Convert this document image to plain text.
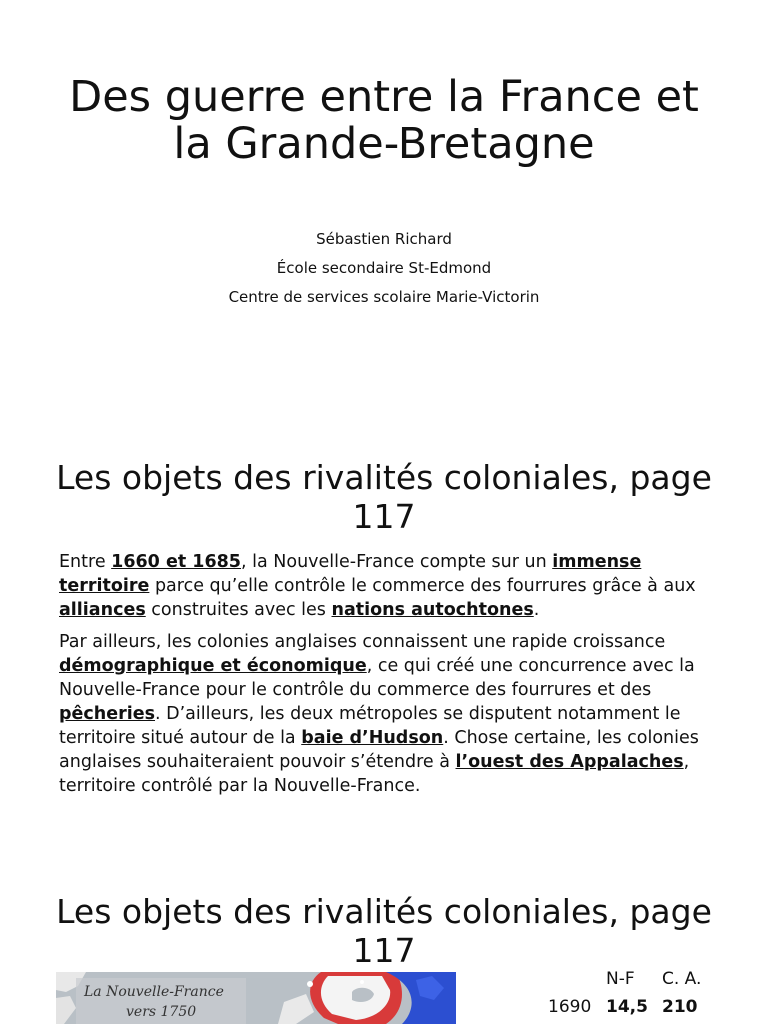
Des guerre entre la France et la Grande-Bretagne
Sébastien Richard
École secondaire St-Edmond
Centre de services scolaire Marie-Victorin
Les objets des rivalités coloniales, page 117

Entre 1660 et 1685, la Nouvelle-France compte sur un immense territoire parce qu’elle contrôle le commerce des fourrures grâce à aux alliances construites avec les nations autochtones.

Par ailleurs, les colonies anglaises connaissent une rapide croissance démographique et économique, ce qui créé une concurrence avec la Nouvelle-France pour le contrôle du commerce des fourrures et des pêcheries. D’ailleurs, les deux métropoles se disputent notamment le territoire situé autour de la baie d’Hudson. Chose certaine, les colonies anglaises souhaiteraient pouvoir s’étendre à l’ouest des Appalaches, territoire contrôlé par la Nouvelle-France.

Les objets des rivalités coloniales, page 117
La Nouvelle-France
vers 1750
N-F C. A.
1690 14,5 210
